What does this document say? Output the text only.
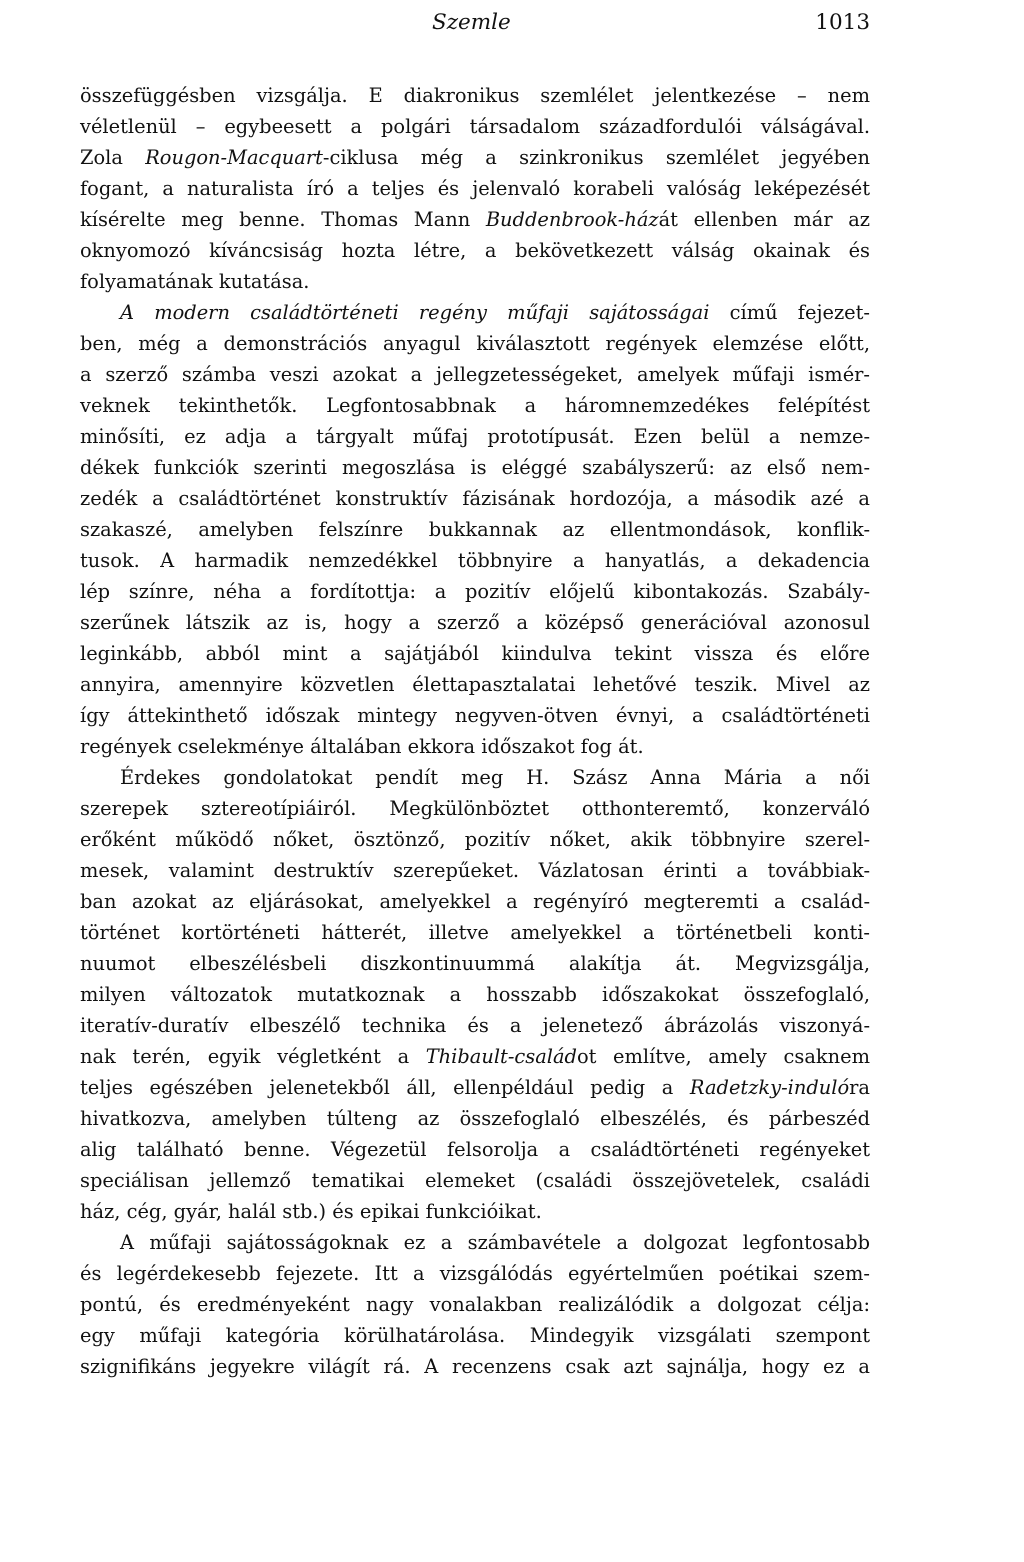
Szemle	1013
összefüggésben vizsgálja. E diakronikus szemlélet jelentkezése – nem
véletlenül – egybeesett a polgári társadalom századfordulói válságával.
Zola Rougon-Macquart-ciklusa még a szinkronikus szemlélet jegyében
fogant, a naturalista író a teljes és jelenvaló korabeli valóság leképezését
kísérelte meg benne. Thomas Mann Buddenbrook-házát ellenben már az
oknyomozó kíváncsiság hozta létre, a bekövetkezett válság okainak és
folyamatának kutatása.
A modern családtörténeti regény műfaji sajátosságai című fejezet-
ben, még a demonstrációs anyagul kiválasztott regények elemzése előtt,
a szerző számba veszi azokat a jellegzetességeket, amelyek műfaji ismér-
veknek tekinthetők. Legfontosabbnak a háromnemzedékes felépítést
minősíti, ez adja a tárgyalt műfaj prototípusát. Ezen belül a nemze-
dékek funkciók szerinti megoszlása is eléggé szabályszerű: az első nem-
zedék a családtörténet konstruktív fázisának hordozója, a második azé a
szakaszé, amelyben felszínre bukkannak az ellentmondások, konflik-
tusok. A harmadik nemzedékkel többnyire a hanyatlás, a dekadencia
lép színre, néha a fordítottja: a pozitív előjelű kibontakozás. Szabály-
szerűnek látszik az is, hogy a szerző a középső generációval azonosul
leginkább, abból mint a sajátjából kiindulva tekint vissza és előre
annyira, amennyire közvetlen élettapasztalatai lehetővé teszik. Mivel az
így áttekinthető időszak mintegy negyven-ötven évnyi, a családtörténeti
regények cselekménye általában ekkora időszakot fog át.
Érdekes gondolatokat pendít meg H. Szász Anna Mária a női
szerepek sztereotípiáiról. Megkülönböztet otthonteremtő, konzerváló
erőként működő nőket, ösztönző, pozitív nőket, akik többnyire szerel-
mesek, valamint destruktív szerepűeket. Vázlatosan érinti a továbbiak-
ban azokat az eljárásokat, amelyekkel a regényíró megteremti a család-
történet kortörténeti hátterét, illetve amelyekkel a történetbeli konti-
nuumot elbeszélésbeli diszkontinuummá alakítja át. Megvizsgálja,
milyen változatok mutatkoznak a hosszabb időszakokat összefoglaló,
iteratív-duratív elbeszélő technika és a jelenetező ábrázolás viszonyá-
nak terén, egyik végletként a Thibault-családot említve, amely csaknem
teljes egészében jelenetekből áll, ellenpéldául pedig a Radetzky-indulóra
hivatkozva, amelyben túlteng az összefoglaló elbeszélés, és párbeszéd
alig található benne. Végezetül felsorolja a családtörténeti regényeket
speciálisan jellemző tematikai elemeket (családi összejövetelek, családi
ház, cég, gyár, halál stb.) és epikai funkcióikat.
A műfaji sajátosságoknak ez a számbavétele a dolgozat legfontosabb
és legérdekesebb fejezete. Itt a vizsgálódás egyértelműen poétikai szem-
pontú, és eredményeként nagy vonalakban realizálódik a dolgozat célja:
egy műfaji kategória körülhatárolása. Mindegyik vizsgálati szempont
szignifikáns jegyekre világít rá. A recenzens csak azt sajnálja, hogy ez a
